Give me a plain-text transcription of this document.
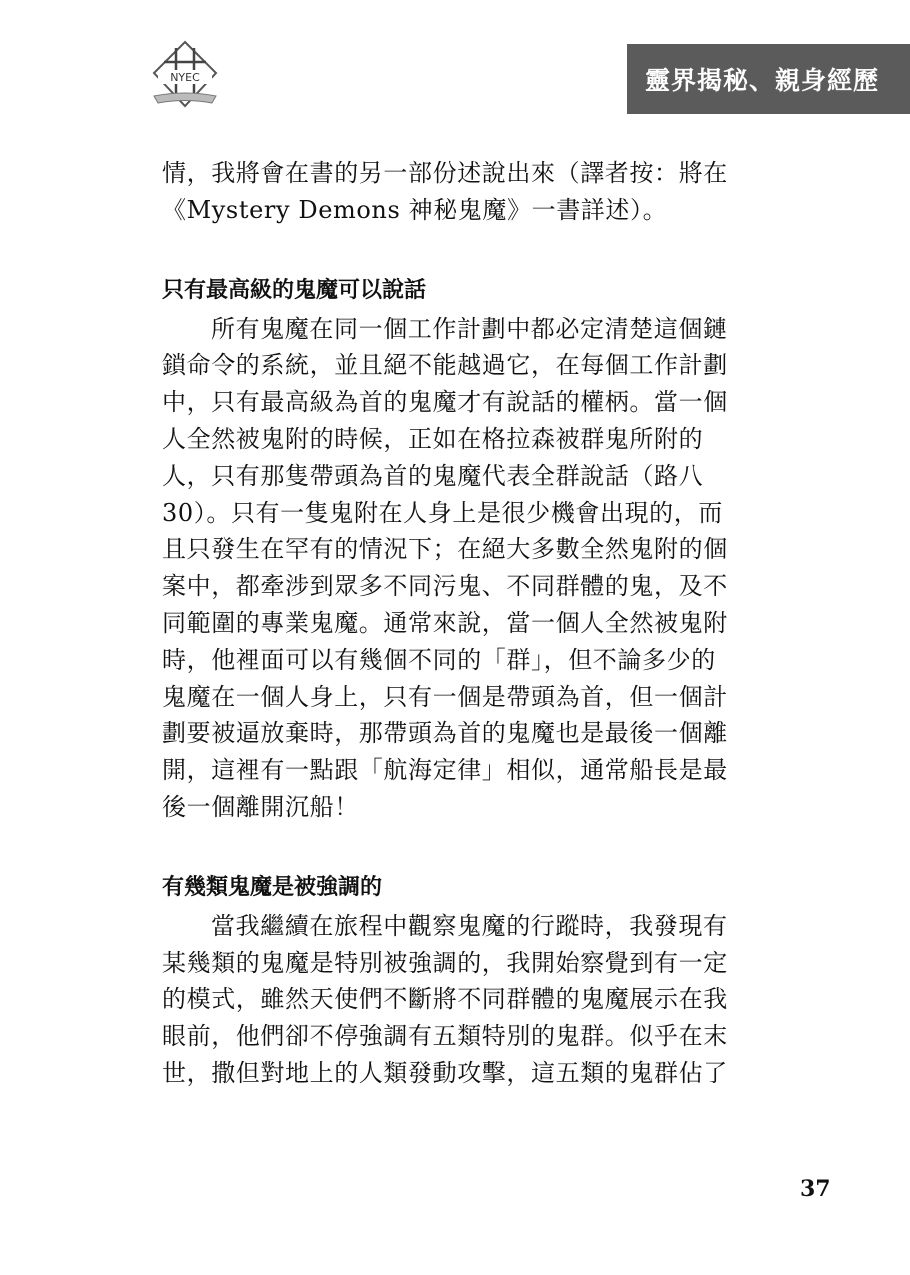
NYEC	靈界揭秘、親身經歷
情，我將會在書的另一部份述說出來（譯者按：將在
《Mystery Demons 神秘鬼魔》一書詳述）。
只有最高級的鬼魔可以說話
所有鬼魔在同一個工作計劃中都必定清楚這個鏈
鎖命令的系統，並且絕不能越過它，在每個工作計劃
中，只有最高級為首的鬼魔才有說話的權柄。當一個
人全然被鬼附的時候，正如在格拉森被群鬼所附的
人，只有那隻帶頭為首的鬼魔代表全群說話（路八
30）。只有一隻鬼附在人身上是很少機會出現的，而
且只發生在罕有的情況下；在絕大多數全然鬼附的個
案中，都牽涉到眾多不同污鬼、不同群體的鬼，及不
同範圍的專業鬼魔。通常來說，當一個人全然被鬼附
時，他裡面可以有幾個不同的「群」，但不論多少的
鬼魔在一個人身上，只有一個是帶頭為首，但一個計
劃要被逼放棄時，那帶頭為首的鬼魔也是最後一個離
開，這裡有一點跟「航海定律」相似，通常船長是最
後一個離開沉船！
有幾類鬼魔是被強調的
當我繼續在旅程中觀察鬼魔的行蹤時，我發現有
某幾類的鬼魔是特別被強調的，我開始察覺到有一定
的模式，雖然天使們不斷將不同群體的鬼魔展示在我
眼前，他們卻不停強調有五類特別的鬼群。似乎在末
世，撒但對地上的人類發動攻擊，這五類的鬼群佔了
37
